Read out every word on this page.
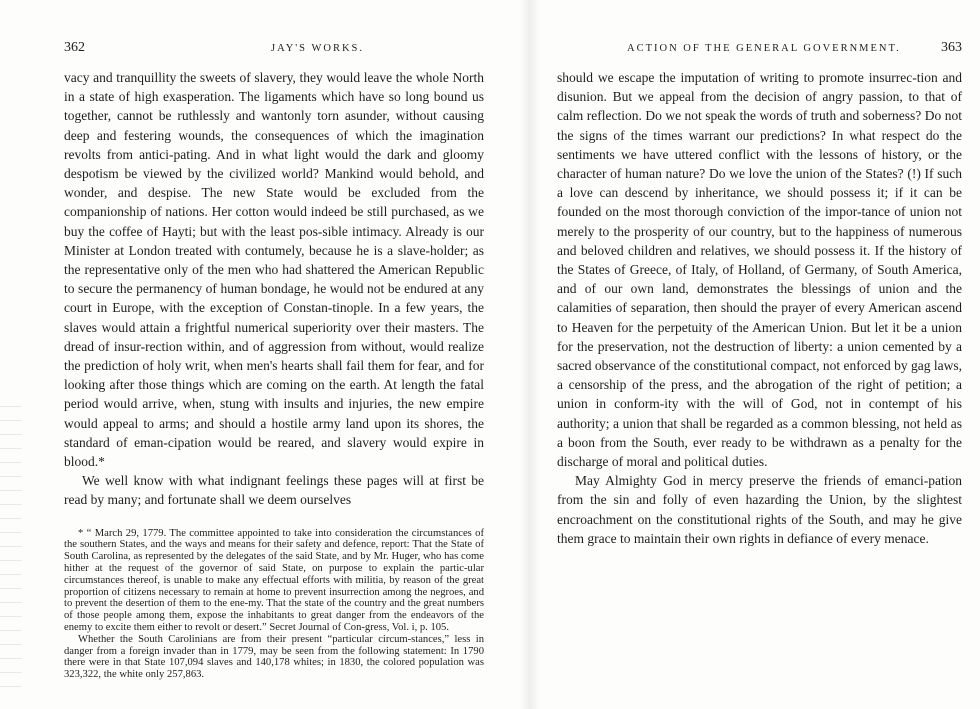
362	JAY'S WORKS.

vacy and tranquillity the sweets of slavery, they would leave the whole North in a state of high exasperation. The ligaments which have so long bound us together, cannot be ruthlessly and wantonly torn asunder, without causing deep and festering wounds, the consequences of which the imagination revolts from antici-pating. And in what light would the dark and gloomy despotism be viewed by the civilized world? Mankind would behold, and wonder, and despise. The new State would be excluded from the companionship of nations. Her cotton would indeed be still purchased, as we buy the coffee of Hayti; but with the least pos-sible intimacy. Already is our Minister at London treated with contumely, because he is a slave-holder; as the representative only of the men who had shattered the American Republic to secure the permanency of human bondage, he would not be endured at any court in Europe, with the exception of Constan-tinople. In a few years, the slaves would attain a frightful numerical superiority over their masters. The dread of insur-rection within, and of aggression from without, would realize the prediction of holy writ, when men's hearts shall fail them for fear, and for looking after those things which are coming on the earth. At length the fatal period would arrive, when, stung with insults and injuries, the new empire would appeal to arms; and should a hostile army land upon its shores, the standard of eman-cipation would be reared, and slavery would expire in blood.*

We well know with what indignant feelings these pages will at first be read by many; and fortunate shall we deem ourselves

* “ March 29, 1779. The committee appointed to take into consideration the circumstances of the southern States, and the ways and means for their safety and defence, report: That the State of South Carolina, as represented by the delegates of the said State, and by Mr. Huger, who has come hither at the request of the governor of said State, on purpose to explain the partic-ular circumstances thereof, is unable to make any effectual efforts with militia, by reason of the great proportion of citizens necessary to remain at home to prevent insurrection among the negroes, and to prevent the desertion of them to the ene-my. That the state of the country and the great numbers of those people among them, expose the inhabitants to great danger from the endeavors of the enemy to excite them either to revolt or desert.” Secret Journal of Con-gress, Vol. i, p. 105.

Whether the South Carolinians are from their present “particular circum-stances,” less in danger from a foreign invader than in 1779, may be seen from the following statement: In 1790 there were in that State 107,094 slaves and 140,178 whites; in 1830, the colored population was 323,322, the white only 257,863.

ACTION OF THE GENERAL GOVERNMENT.	363

should we escape the imputation of writing to promote insurrec-tion and disunion. But we appeal from the decision of angry passion, to that of calm reflection. Do we not speak the words of truth and soberness? Do not the signs of the times warrant our predictions? In what respect do the sentiments we have uttered conflict with the lessons of history, or the character of human nature? Do we love the union of the States? (!) If such a love can descend by inheritance, we should possess it; if it can be founded on the most thorough conviction of the impor-tance of union not merely to the prosperity of our country, but to the happiness of numerous and beloved children and relatives, we should possess it. If the history of the States of Greece, of Italy, of Holland, of Germany, of South America, and of our own land, demonstrates the blessings of union and the calamities of separation, then should the prayer of every American ascend to Heaven for the perpetuity of the American Union. But let it be a union for the preservation, not the destruction of liberty: a union cemented by a sacred observance of the constitutional compact, not enforced by gag laws, a censorship of the press, and the abrogation of the right of petition; a union in conform-ity with the will of God, not in contempt of his authority; a union that shall be regarded as a common blessing, not held as a boon from the South, ever ready to be withdrawn as a penalty for the discharge of moral and political duties.

May Almighty God in mercy preserve the friends of emanci-pation from the sin and folly of even hazarding the Union, by the slightest encroachment on the constitutional rights of the South, and may he give them grace to maintain their own rights in defiance of every menace.
